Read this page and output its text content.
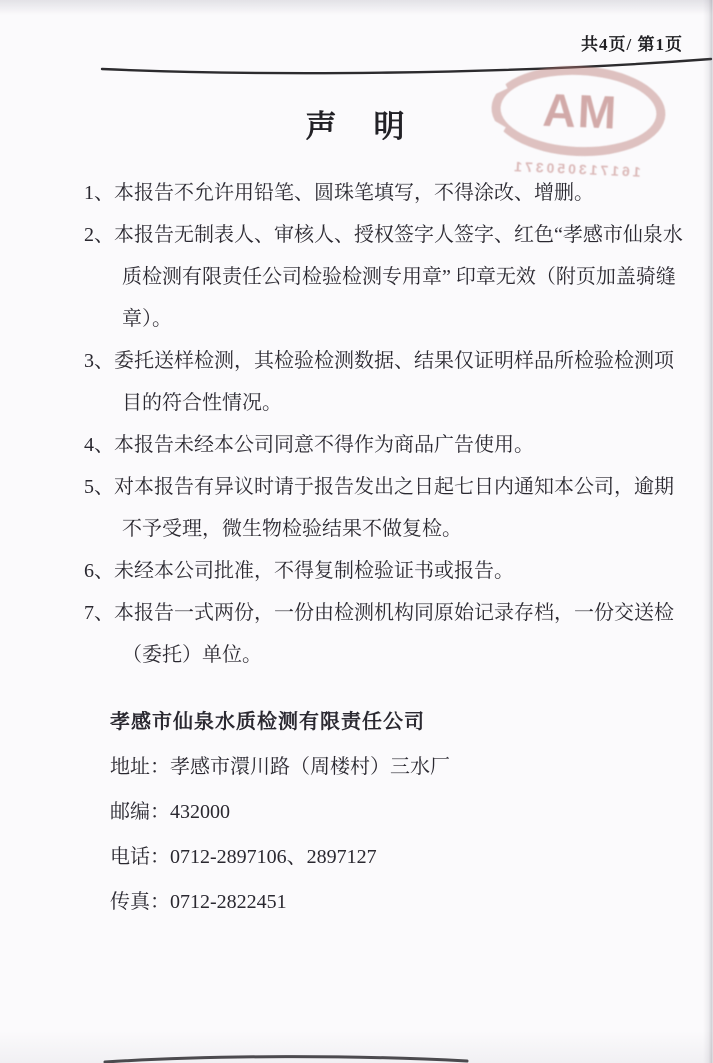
共4页/ 第1页
MA
161713050371
声　明
1、本报告不允许用铅笔、圆珠笔填写，不得涂改、增删。
2、本报告无制表人、审核人、授权签字人签字、红色“孝感市仙泉水质检测有限责任公司检验检测专用章” 印章无效（附页加盖骑缝章）。
3、委托送样检测，其检验检测数据、结果仅证明样品所检验检测项目的符合性情况。
4、本报告未经本公司同意不得作为商品广告使用。
5、对本报告有异议时请于报告发出之日起七日内通知本公司，逾期不予受理，微生物检验结果不做复检。
6、未经本公司批准，不得复制检验证书或报告。
7、本报告一式两份，一份由检测机构同原始记录存档，一份交送检（委托）单位。
孝感市仙泉水质检测有限责任公司
地址：孝感市澴川路（周楼村）三水厂
邮编：432000
电话：0712-2897106、2897127
传真：0712-2822451
